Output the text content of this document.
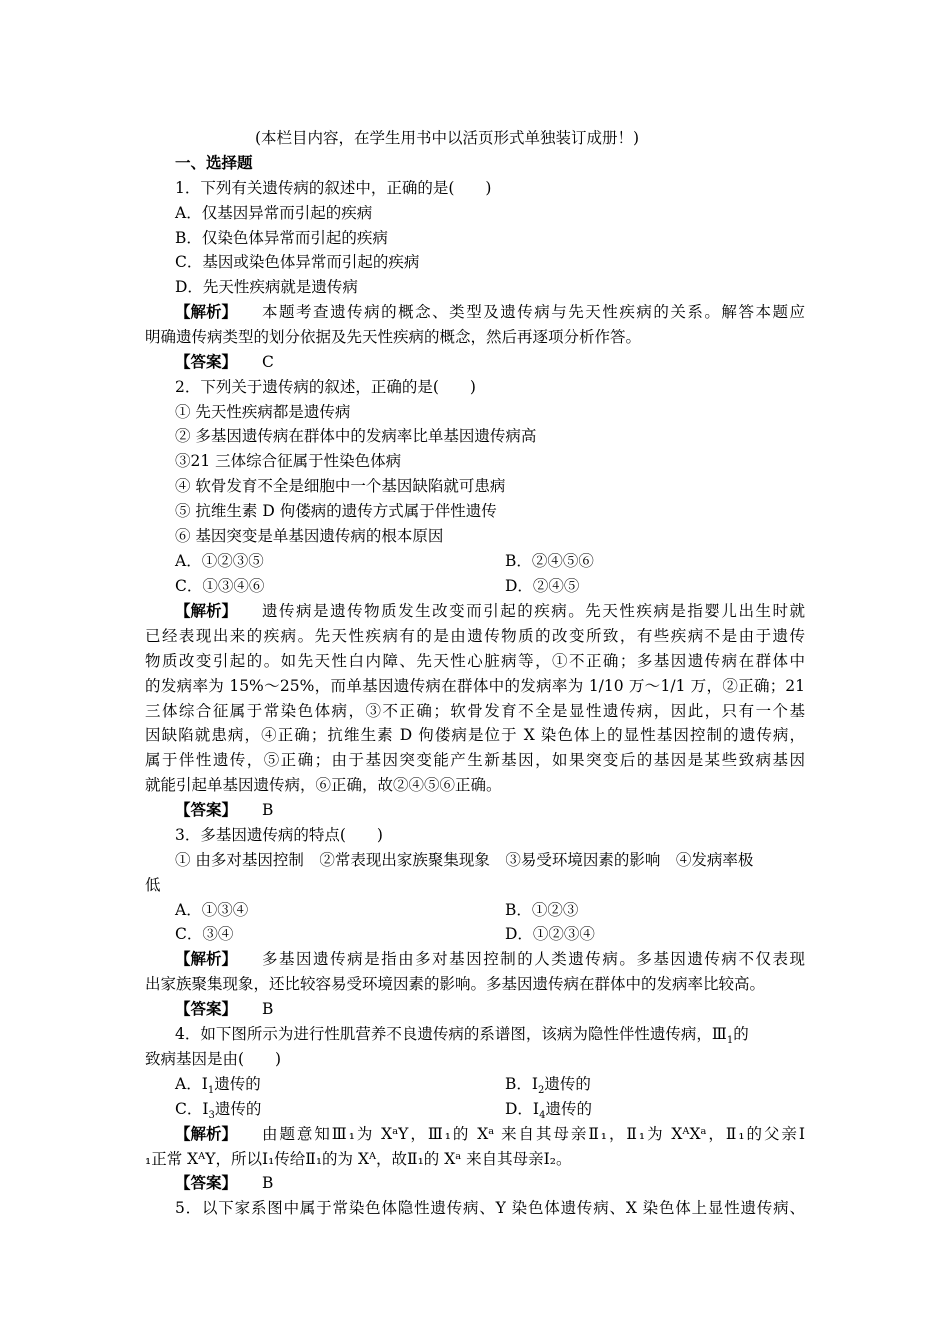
(本栏目内容，在学生用书中以活页形式单独装订成册！)
一、选择题
1．下列有关遗传病的叙述中，正确的是(　　)
A．仅基因异常而引起的疾病
B．仅染色体异常而引起的疾病
C．基因或染色体异常而引起的疾病
D．先天性疾病就是遗传病
【解析】 本题考查遗传病的概念、类型及遗传病与先天性疾病的关系。解答本题应
明确遗传病类型的划分依据及先天性疾病的概念，然后再逐项分析作答。
【答案】 C
2．下列关于遗传病的叙述，正确的是(　　)
① 先天性疾病都是遗传病
② 多基因遗传病在群体中的发病率比单基因遗传病高
③21 三体综合征属于性染色体病
④ 软骨发育不全是细胞中一个基因缺陷就可患病
⑤ 抗维生素 D 佝偻病的遗传方式属于伴性遗传
⑥ 基因突变是单基因遗传病的根本原因
A．①②③⑤	B．②④⑤⑥
C．①③④⑥	D．②④⑤
【解析】 遗传病是遗传物质发生改变而引起的疾病。先天性疾病是指婴儿出生时就
已经表现出来的疾病。先天性疾病有的是由遗传物质的改变所致，有些疾病不是由于遗传
物质改变引起的。如先天性白内障、先天性心脏病等，①不正确；多基因遗传病在群体中
的发病率为 15%～25%，而单基因遗传病在群体中的发病率为 1/10 万～1/1 万，②正确；21
三体综合征属于常染色体病，③不正确；软骨发育不全是显性遗传病，因此，只有一个基
因缺陷就患病，④正确；抗维生素 D 佝偻病是位于 X 染色体上的显性基因控制的遗传病，
属于伴性遗传，⑤正确；由于基因突变能产生新基因，如果突变后的基因是某些致病基因
就能引起单基因遗传病，⑥正确，故②④⑤⑥正确。
【答案】 B
3．多基因遗传病的特点(　　)
① 由多对基因控制　②常表现出家族聚集现象　③易受环境因素的影响　④发病率极
低
A．①③④	B．①②③
C．③④	D．①②③④
【解析】 多基因遗传病是指由多对基因控制的人类遗传病。多基因遗传病不仅表现
出家族聚集现象，还比较容易受环境因素的影响。多基因遗传病在群体中的发病率比较高。
【答案】 B
4．如下图所示为进行性肌营养不良遗传病的系谱图，该病为隐性伴性遗传病，$Ⅲ_1$的
致病基因是由(　　)
A．$Ⅰ_1$遗传的	B．$Ⅰ_2$遗传的
C．$Ⅰ_3$遗传的	D．$Ⅰ_4$遗传的
【解析】 由题意知Ⅲ₁为 XᵃY，Ⅲ₁的 Xᵃ 来自其母亲Ⅱ₁，Ⅱ₁为 XᴬXᵃ，Ⅱ₁的父亲Ⅰ
₁正常 XᴬY，所以Ⅰ₁传给Ⅱ₁的为 Xᴬ，故Ⅱ₁的 Xᵃ 来自其母亲Ⅰ₂。
【答案】 B
5．以下家系图中属于常染色体隐性遗传病、Y 染色体遗传病、X 染色体上显性遗传病、
